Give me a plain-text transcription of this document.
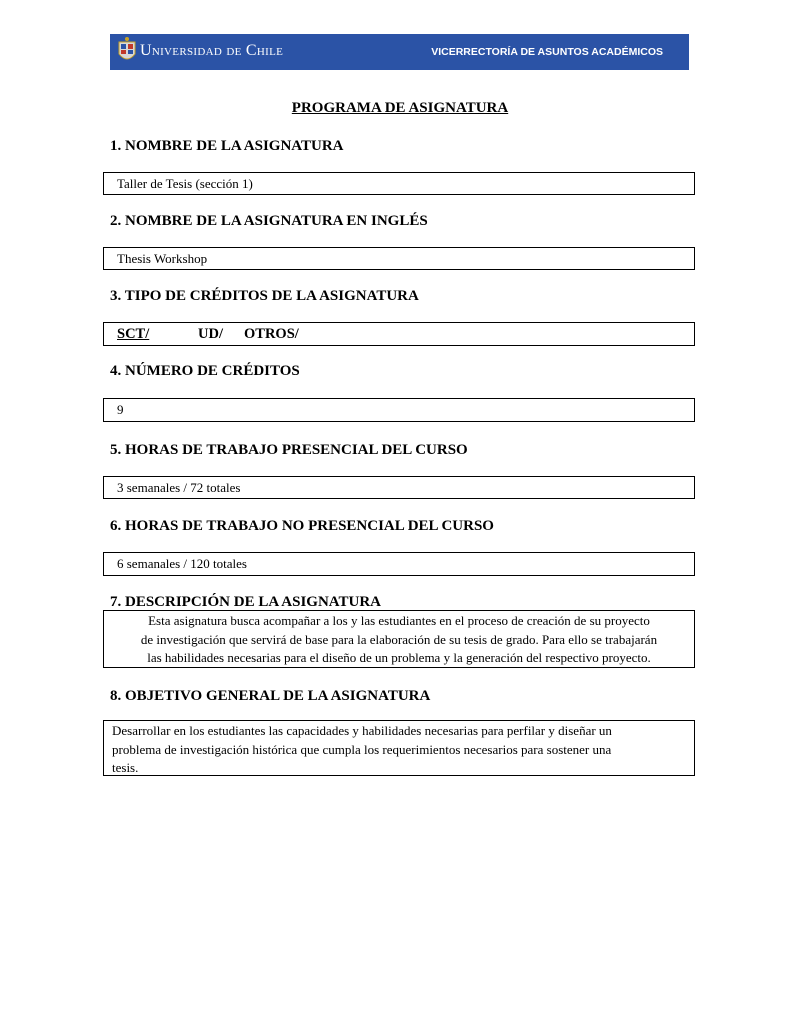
Universidad de Chile	VICERRECTORÍA DE ASUNTOS ACADÉMICOS
PROGRAMA DE ASIGNATURA
1. NOMBRE DE LA ASIGNATURA
Taller de Tesis (sección 1)
2. NOMBRE DE LA ASIGNATURA EN INGLÉS
Thesis Workshop
3. TIPO DE CRÉDITOS DE LA ASIGNATURA
SCT/	UD/ OTROS/
4. NÚMERO DE CRÉDITOS
9
5. HORAS DE TRABAJO PRESENCIAL DEL CURSO
3 semanales / 72 totales
6. HORAS DE TRABAJO NO PRESENCIAL DEL CURSO
6 semanales / 120 totales
7. DESCRIPCIÓN DE LA ASIGNATURA
Esta asignatura busca acompañar a los y las estudiantes en el proceso de creación de su proyecto
de investigación que servirá de base para la elaboración de su tesis de grado. Para ello se trabajarán
las habilidades necesarias para el diseño de un problema y la generación del respectivo proyecto.
8. OBJETIVO GENERAL DE LA ASIGNATURA
Desarrollar en los estudiantes las capacidades y habilidades necesarias para perfilar y diseñar un
problema de investigación histórica que cumpla los requerimientos necesarios para sostener una
tesis.
